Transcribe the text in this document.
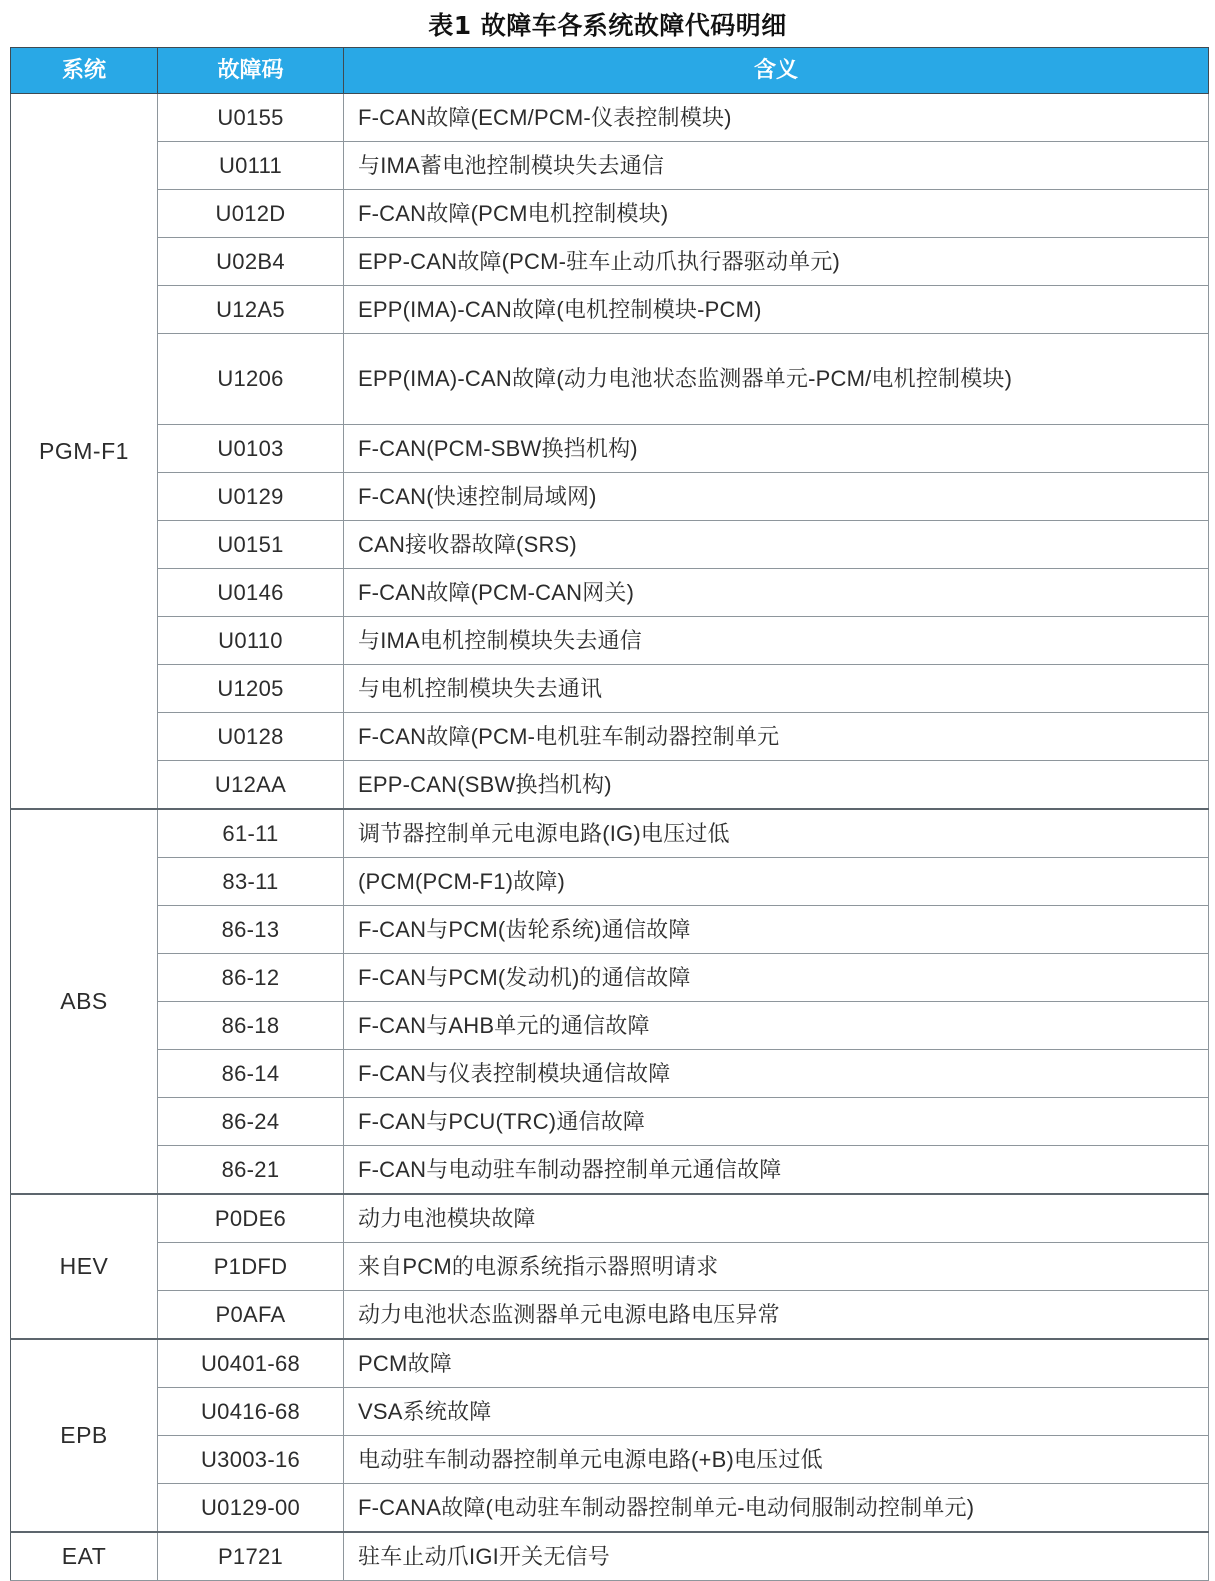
表1 故障车各系统故障代码明细
系统	故障码	含义
PGM-F1	U0155	F-CAN故障(ECM/PCM-仪表控制模块)
	U0111	与IMA蓄电池控制模块失去通信
	U012D	F-CAN故障(PCM电机控制模块)
	U02B4	EPP-CAN故障(PCM-驻车止动爪执行器驱动单元)
	U12A5	EPP(IMA)-CAN故障(电机控制模块-PCM)
	U1206	EPP(IMA)-CAN故障(动力电池状态监测器单元-PCM/电机控制模块)
	U0103	F-CAN(PCM-SBW换挡机构)
	U0129	F-CAN(快速控制局域网)
	U0151	CAN接收器故障(SRS)
	U0146	F-CAN故障(PCM-CAN网关)
	U0110	与IMA电机控制模块失去通信
	U1205	与电机控制模块失去通讯
	U0128	F-CAN故障(PCM-电机驻车制动器控制单元
	U12AA	EPP-CAN(SBW换挡机构)
ABS	61-11	调节器控制单元电源电路(IG)电压过低
	83-11	(PCM(PCM-F1)故障)
	86-13	F-CAN与PCM(齿轮系统)通信故障
	86-12	F-CAN与PCM(发动机)的通信故障
	86-18	F-CAN与AHB单元的通信故障
	86-14	F-CAN与仪表控制模块通信故障
	86-24	F-CAN与PCU(TRC)通信故障
	86-21	F-CAN与电动驻车制动器控制单元通信故障
HEV	P0DE6	动力电池模块故障
	P1DFD	来自PCM的电源系统指示器照明请求
	P0AFA	动力电池状态监测器单元电源电路电压异常
EPB	U0401-68	PCM故障
	U0416-68	VSA系统故障
	U3003-16	电动驻车制动器控制单元电源电路(+B)电压过低
	U0129-00	F-CANA故障(电动驻车制动器控制单元-电动伺服制动控制单元)
EAT	P1721	驻车止动爪IGI开关无信号
